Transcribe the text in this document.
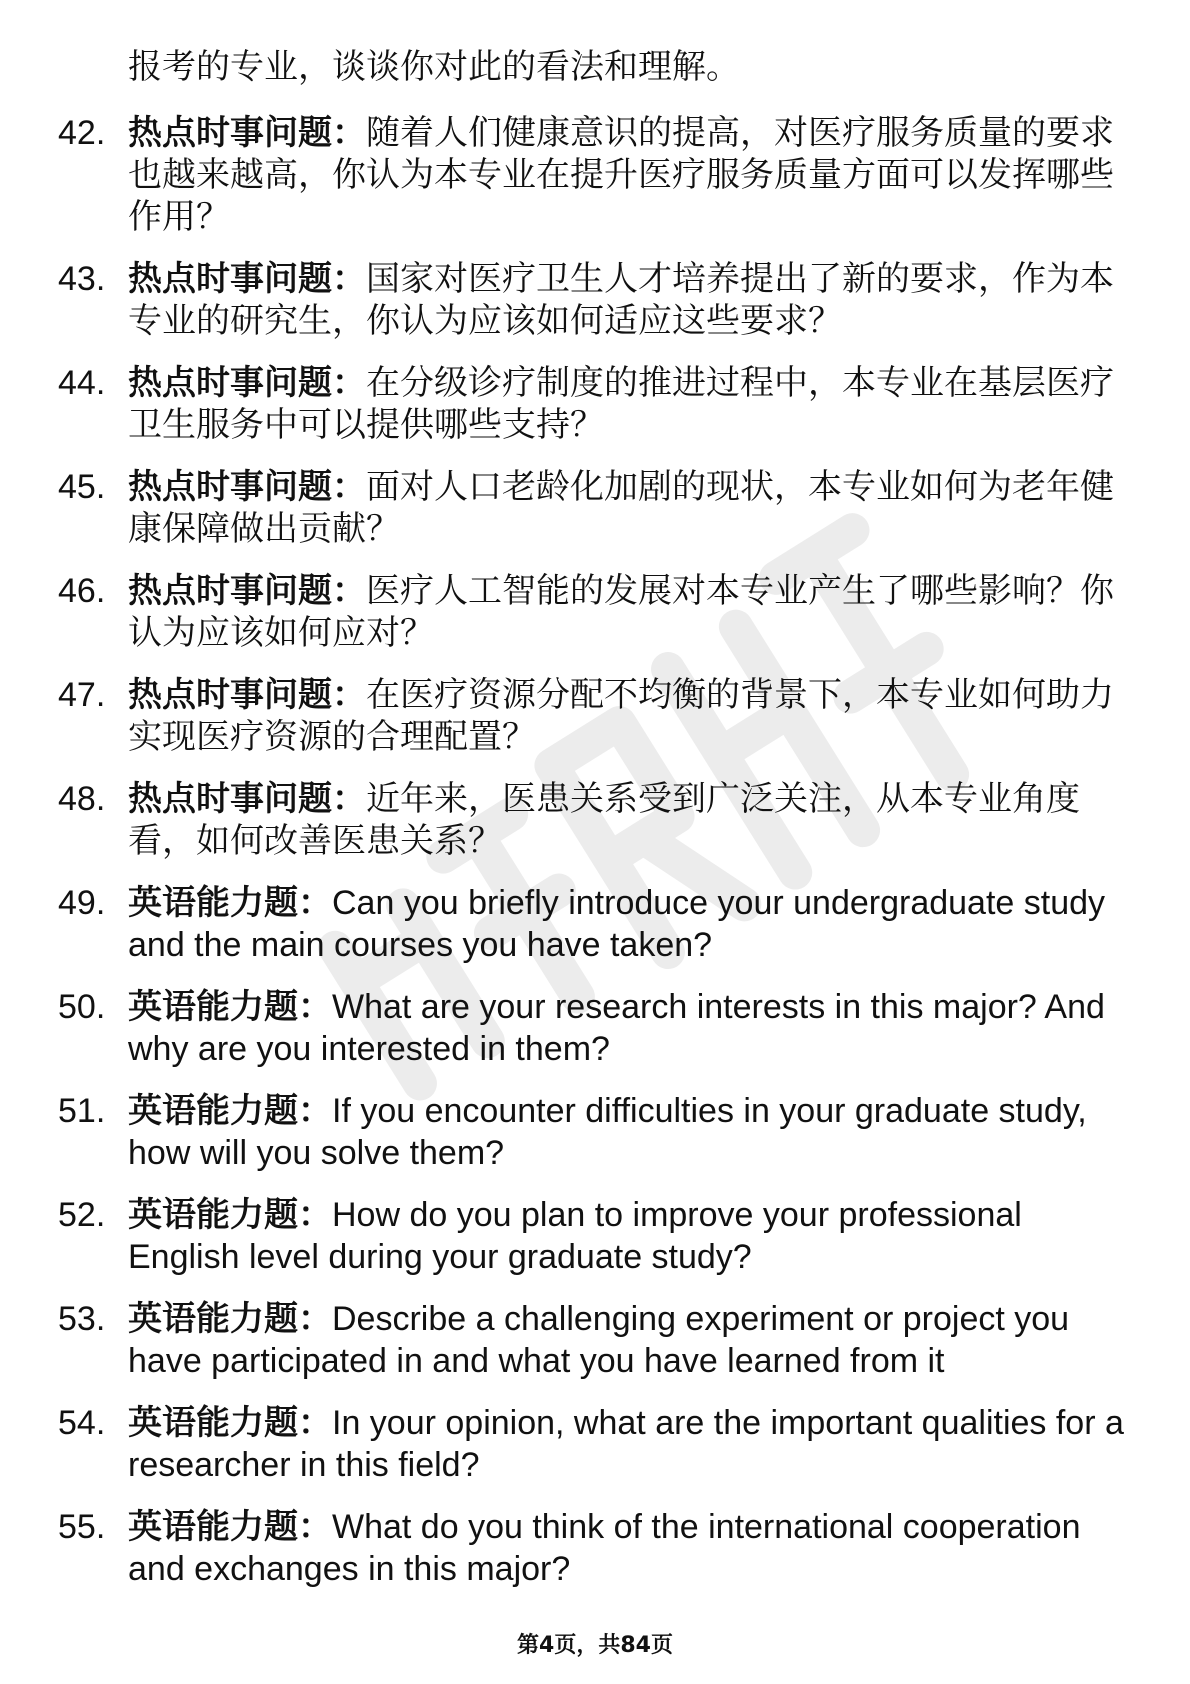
报考的专业，谈谈你对此的看法和理解。
42. 热点时事问题：随着人们健康意识的提高，对医疗服务质量的要求也越来越高，你认为本专业在提升医疗服务质量方面可以发挥哪些作用？
43. 热点时事问题：国家对医疗卫生人才培养提出了新的要求，作为本专业的研究生，你认为应该如何适应这些要求？
44. 热点时事问题：在分级诊疗制度的推进过程中，本专业在基层医疗卫生服务中可以提供哪些支持？
45. 热点时事问题：面对人口老龄化加剧的现状，本专业如何为老年健康保障做出贡献？
46. 热点时事问题：医疗人工智能的发展对本专业产生了哪些影响？你认为应该如何应对？
47. 热点时事问题：在医疗资源分配不均衡的背景下，本专业如何助力实现医疗资源的合理配置？
48. 热点时事问题：近年来，医患关系受到广泛关注，从本专业角度看，如何改善医患关系？
49. 英语能力题：Can you briefly introduce your undergraduate study and the main courses you have taken?
50. 英语能力题：What are your research interests in this major? And why are you interested in them?
51. 英语能力题：If you encounter difficulties in your graduate study, how will you solve them?
52. 英语能力题：How do you plan to improve your professional English level during your graduate study?
53. 英语能力题：Describe a challenging experiment or project you have participated in and what you have learned from it
54. 英语能力题：In your opinion, what are the important qualities for a researcher in this field?
55. 英语能力题：What do you think of the international cooperation and exchanges in this major?
第4页，共84页
